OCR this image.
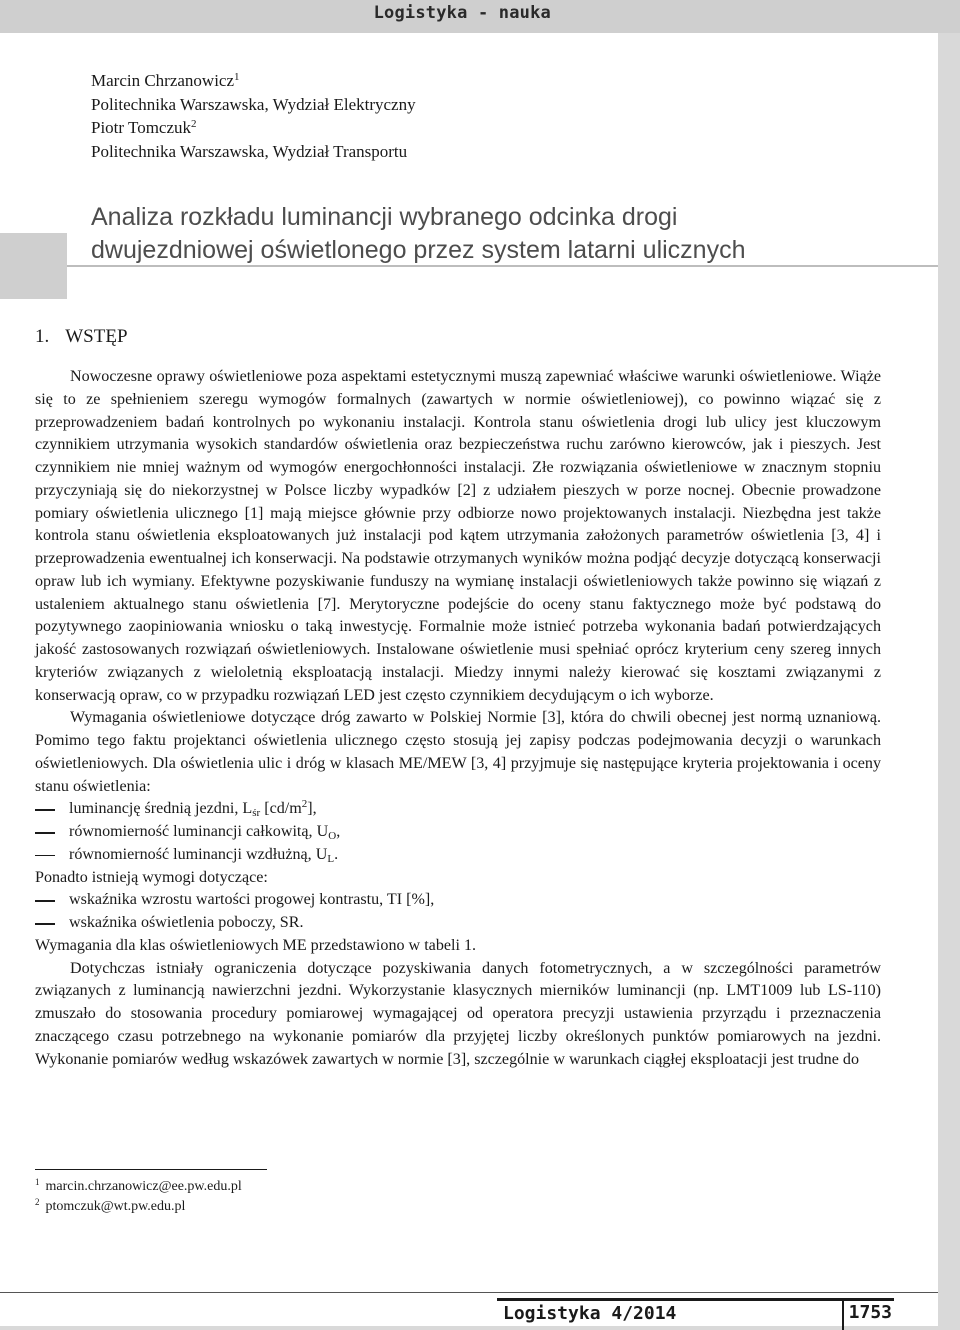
Logistyka - nauka
Marcin Chrzanowicz$^1$
Politechnika Warszawska, Wydział Elektryczny
Piotr Tomczuk$^2$
Politechnika Warszawska, Wydział Transportu
Analiza rozkładu luminancji wybranego odcinka drogi
dwujezdniowej oświetlonego przez system latarni ulicznych
1. WSTĘP

Nowoczesne oprawy oświetleniowe poza aspektami estetycznymi muszą zapewniać właściwe warunki oświetleniowe. Wiąże się to ze spełnieniem szeregu wymogów formalnych (zawartych w normie oświetleniowej), co powinno wiązać się z przeprowadzeniem badań kontrolnych po wykonaniu instalacji. Kontrola stanu oświetlenia drogi lub ulicy jest kluczowym czynnikiem utrzymania wysokich standardów oświetlenia oraz bezpieczeństwa ruchu zarówno kierowców, jak i pieszych. Jest czynnikiem nie mniej ważnym od wymogów energochłonności instalacji. Złe rozwiązania oświetleniowe w znacznym stopniu przyczyniają się do niekorzystnej w Polsce liczby wypadków [2] z udziałem pieszych w porze nocnej. Obecnie prowadzone pomiary oświetlenia ulicznego [1] mają miejsce głównie przy odbiorze nowo projektowanych instalacji. Niezbędna jest także kontrola stanu oświetlenia eksploatowanych już instalacji pod kątem utrzymania założonych parametrów oświetlenia [3, 4] i przeprowadzenia ewentualnej ich konserwacji. Na podstawie otrzymanych wyników można podjąć decyzje dotyczącą konserwacji opraw lub ich wymiany. Efektywne pozyskiwanie funduszy na wymianę instalacji oświetleniowych także powinno się wiązań z ustaleniem aktualnego stanu oświetlenia [7]. Merytoryczne podejście do oceny stanu faktycznego może być podstawą do pozytywnego zaopiniowania wniosku o taką inwestycję. Formalnie może istnieć potrzeba wykonania badań potwierdzających jakość zastosowanych rozwiązań oświetleniowych. Instalowane oświetlenie musi spełniać oprócz kryterium ceny szereg innych kryteriów związanych z wieloletnią eksploatacją instalacji. Miedzy innymi należy kierować się kosztami związanymi z konserwacją opraw, co w przypadku rozwiązań LED jest często czynnikiem decydującym o ich wyborze.

Wymagania oświetleniowe dotyczące dróg zawarto w Polskiej Normie [3], która do chwili obecnej jest normą uznaniową. Pomimo tego faktu projektanci oświetlenia ulicznego często stosują jej zapisy podczas podejmowania decyzji o warunkach oświetleniowych. Dla oświetlenia ulic i dróg w klasach ME/MEW [3, 4] przyjmuje się następujące kryteria projektowania i oceny stanu oświetlenia:

luminancję średnią jezdni, $L_{śr}$ $[cd/m^2]$,
równomierność luminancji całkowitą, $U_O$,
równomierność luminancji wzdłużną, $U_L$.

Ponadto istnieją wymogi dotyczące:

wskaźnika wzrostu wartości progowej kontrastu, TI [%],
wskaźnika oświetlenia poboczy, SR.

Wymagania dla klas oświetleniowych ME przedstawiono w tabeli 1.

Dotychczas istniały ograniczenia dotyczące pozyskiwania danych fotometrycznych, a w szczególności parametrów związanych z luminancją nawierzchni jezdni. Wykorzystanie klasycznych mierników luminancji (np. LMT1009 lub LS-110) zmuszało do stosowania procedury pomiarowej wymagającej od operatora precyzji ustawienia przyrządu i przeznaczenia znaczącego czasu potrzebnego na wykonanie pomiarów dla przyjętej liczby określonych punktów pomiarowych na jezdni. Wykonanie pomiarów według wskazówek zawartych w normie [3], szczególnie w warunkach ciągłej eksploatacji jest trudne do

$^1$ marcin.chrzanowicz@ee.pw.edu.pl
$^2$ ptomczuk@wt.pw.edu.pl
Logistyka 4/2014	1753
